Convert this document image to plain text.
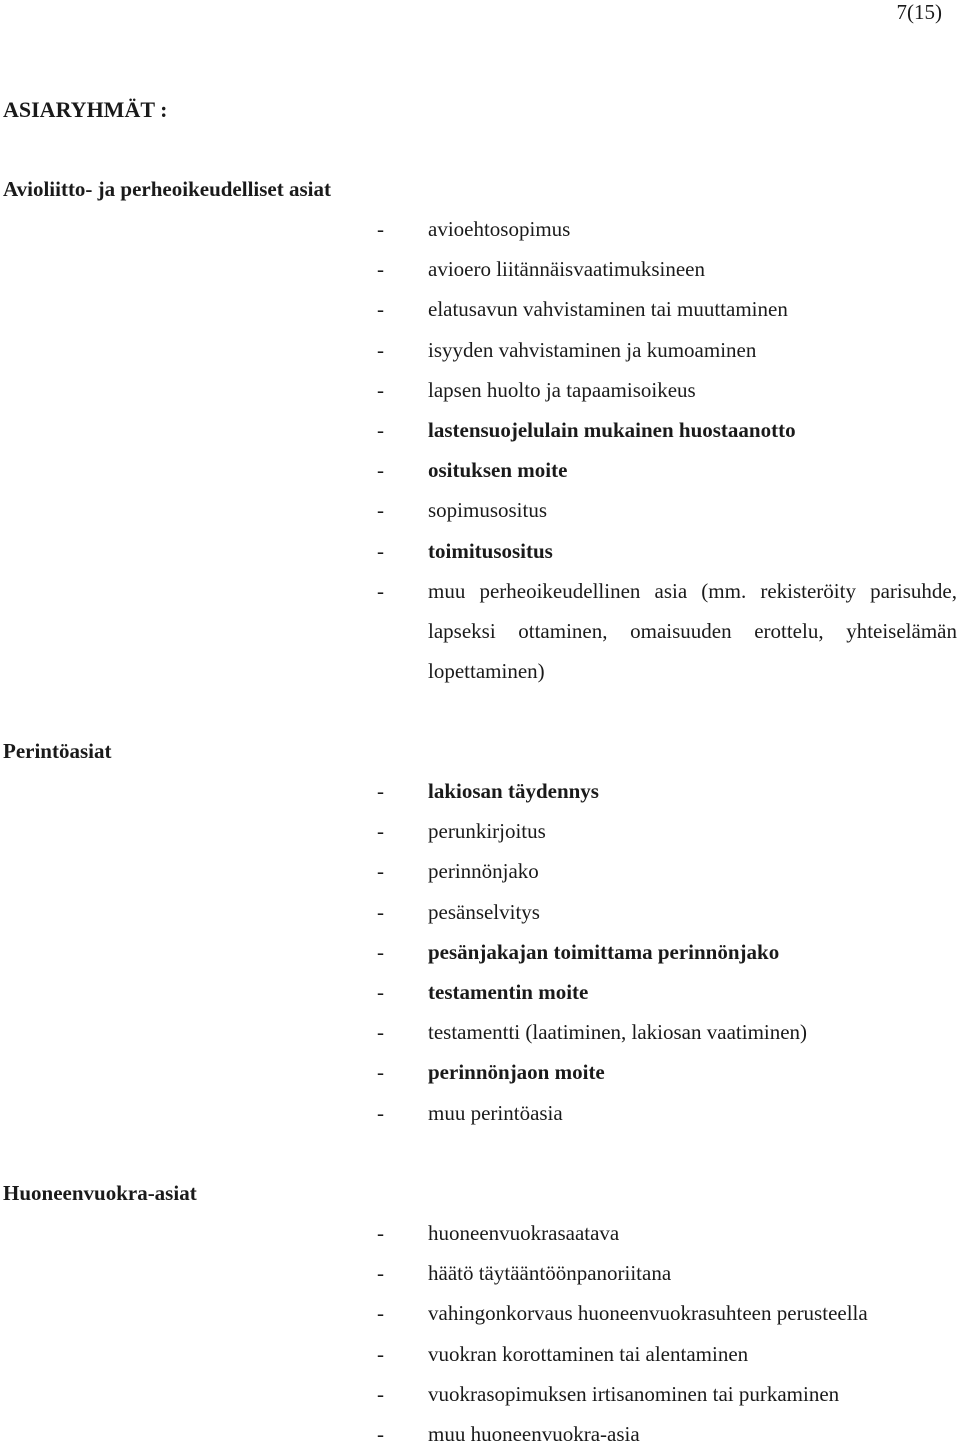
7(15)
ASIARYHMÄT :
Avioliitto- ja perheoikeudelliset asiat
- avioehtosopimus
- avioero liitännäisvaatimuksineen
- elatusavun vahvistaminen tai muuttaminen
- isyyden vahvistaminen ja kumoaminen
- lapsen huolto ja tapaamisoikeus
- lastensuojelulain mukainen huostaanotto
- osituksen moite
- sopimusositus
- toimitusositus
- muu perheoikeudellinen asia (mm. rekisteröity parisuhde, lapseksi ottaminen, omaisuuden erottelu, yhteiselämän lopettaminen)
Perintöasiat
- lakiosan täydennys
- perunkirjoitus
- perinnönjako
- pesänselvitys
- pesänjakajan toimittama perinnönjako
- testamentin moite
- testamentti (laatiminen, lakiosan vaatiminen)
- perinnönjaon moite
- muu perintöasia
Huoneenvuokra-asiat
- huoneenvuokrasaatava
- häätö täytääntöönpanoriitana
- vahingonkorvaus huoneenvuokrasuhteen perusteella
- vuokran korottaminen tai alentaminen
- vuokrasopimuksen irtisanominen tai purkaminen
- muu huoneenvuokra-asia
